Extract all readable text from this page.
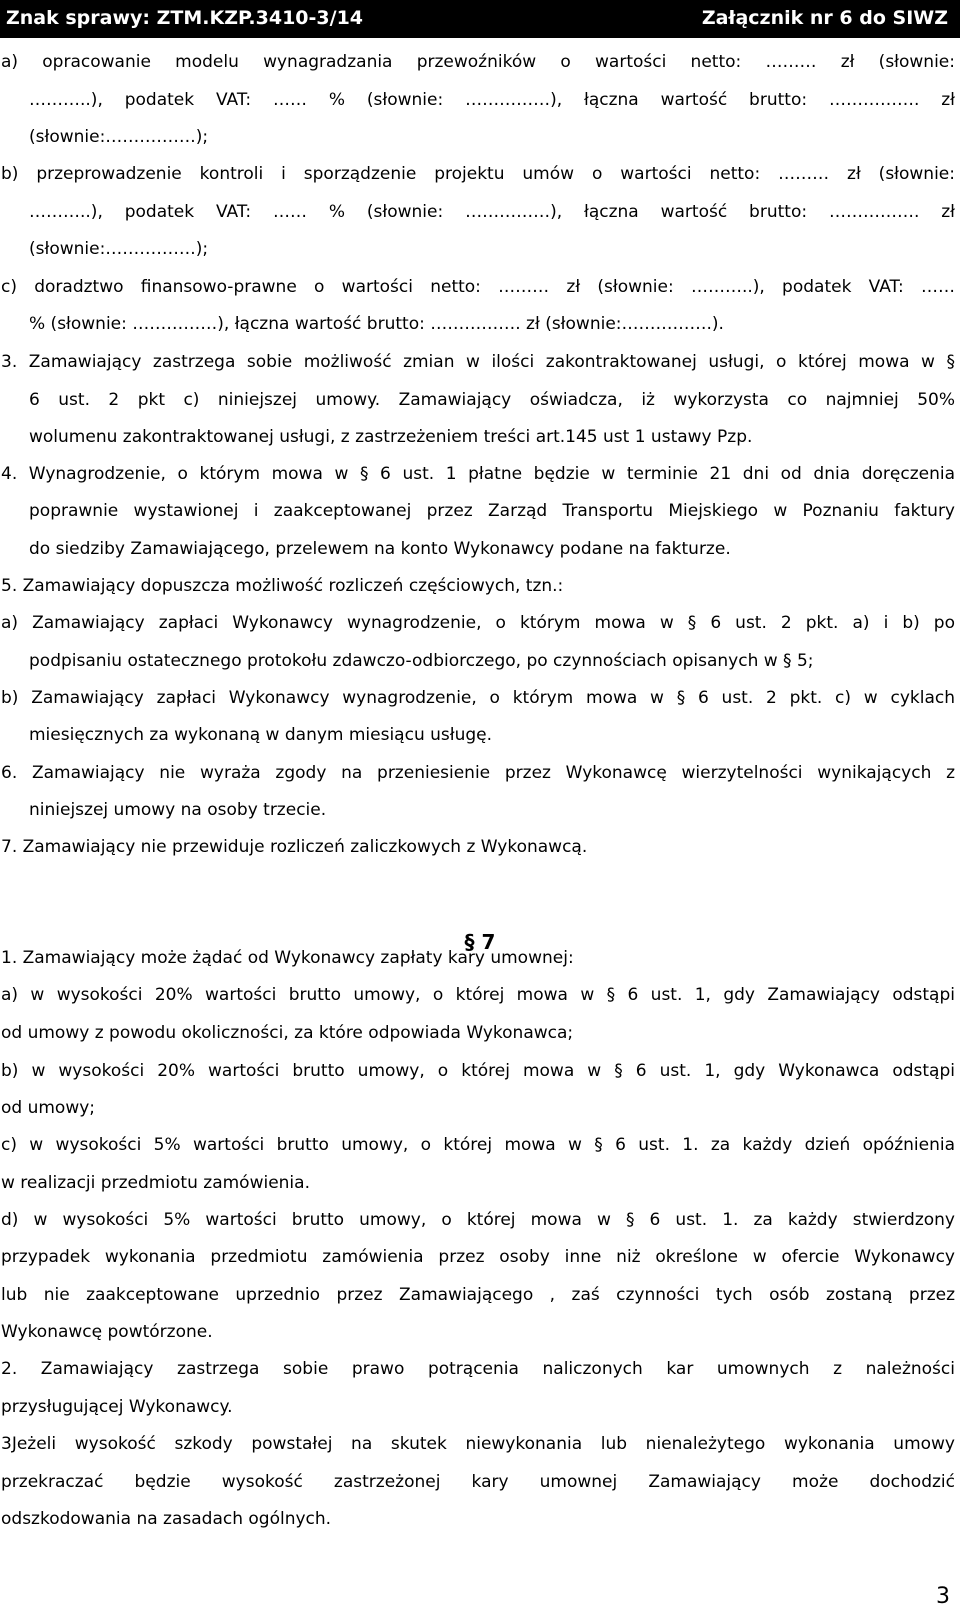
Znak sprawy: ZTM.KZP.3410-3/14	Załącznik nr 6 do SIWZ
a) opracowanie modelu wynagradzania przewoźników o wartości netto: ……… zł (słownie:
………..), podatek VAT: …… % (słownie: ……………), łączna wartość brutto: ……………. zł
(słownie:…………….);
b) przeprowadzenie kontroli i sporządzenie projektu umów o wartości netto: ……… zł (słownie:
………..), podatek VAT: …… % (słownie: ……………), łączna wartość brutto: ……………. zł
(słownie:…………….);
c) doradztwo finansowo-prawne o wartości netto: ……… zł (słownie: ………..), podatek VAT: ……
% (słownie: ……………), łączna wartość brutto: ……………. zł (słownie:…………….).
3. Zamawiający zastrzega sobie możliwość zmian w ilości zakontraktowanej usługi, o której mowa w §
6 ust. 2 pkt c) niniejszej umowy. Zamawiający oświadcza, iż wykorzysta co najmniej 50%
wolumenu zakontraktowanej usługi, z zastrzeżeniem treści art.145 ust 1 ustawy Pzp.
4. Wynagrodzenie, o którym mowa w § 6 ust. 1 płatne będzie w terminie 21 dni od dnia doręczenia
poprawnie wystawionej i zaakceptowanej przez Zarząd Transportu Miejskiego w Poznaniu faktury
do siedziby Zamawiającego, przelewem na konto Wykonawcy podane na fakturze.
5. Zamawiający dopuszcza możliwość rozliczeń częściowych, tzn.:
a) Zamawiający zapłaci Wykonawcy wynagrodzenie, o którym mowa w § 6 ust. 2 pkt. a) i b) po
podpisaniu ostatecznego protokołu zdawczo-odbiorczego, po czynnościach opisanych w § 5;
b) Zamawiający zapłaci Wykonawcy wynagrodzenie, o którym mowa w § 6 ust. 2 pkt. c) w cyklach
miesięcznych za wykonaną w danym miesiącu usługę.
6. Zamawiający nie wyraża zgody na przeniesienie przez Wykonawcę wierzytelności wynikających z
niniejszej umowy na osoby trzecie.
7. Zamawiający nie przewiduje rozliczeń zaliczkowych z Wykonawcą.
§ 7
1. Zamawiający może żądać od Wykonawcy zapłaty kary umownej:
a) w wysokości 20% wartości brutto umowy, o której mowa w § 6 ust. 1, gdy Zamawiający odstąpi
od umowy z powodu okoliczności, za które odpowiada Wykonawca;
b) w wysokości 20% wartości brutto umowy, o której mowa w § 6 ust. 1, gdy Wykonawca odstąpi
od umowy;
c) w wysokości 5% wartości brutto umowy, o której mowa w § 6 ust. 1. za każdy dzień opóźnienia
w realizacji przedmiotu zamówienia.
d) w wysokości 5% wartości brutto umowy, o której mowa w § 6 ust. 1. za każdy stwierdzony
przypadek wykonania przedmiotu zamówienia przez osoby inne niż określone w ofercie Wykonawcy
lub nie zaakceptowane uprzednio przez Zamawiającego , zaś czynności tych osób zostaną przez
Wykonawcę powtórzone.
2. Zamawiający zastrzega sobie prawo potrącenia naliczonych kar umownych z należności
przysługującej Wykonawcy.
3Jeżeli wysokość szkody powstałej na skutek niewykonania lub nienależytego wykonania umowy
przekraczać będzie wysokość zastrzeżonej kary umownej Zamawiający może dochodzić
odszkodowania na zasadach ogólnych.
3
